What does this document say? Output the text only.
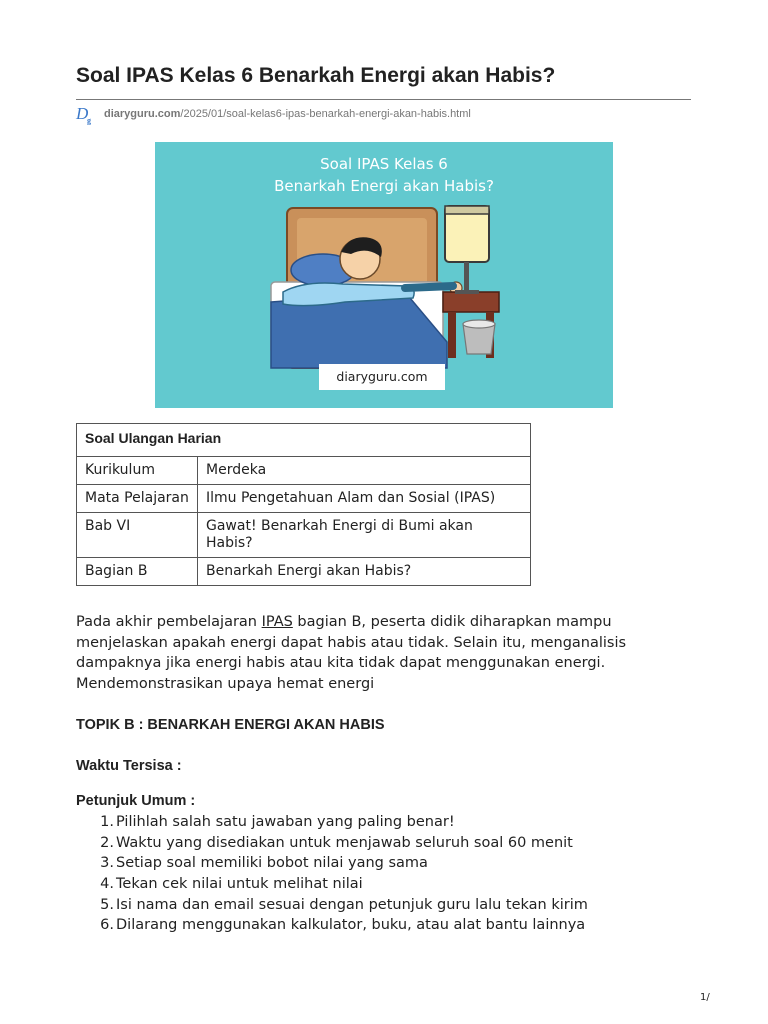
Soal IPAS Kelas 6 Benarkah Energi akan Habis?
D
g
diaryguru.com /2025/01/soal-kelas6-ipas-benarkah-energi-akan-habis.html
Soal IPAS Kelas 6
Benarkah Energi akan Habis?
diaryguru.com
Soal Ulangan Harian	
Kurikulum	Merdeka
Mata Pelajaran	Ilmu Pengetahuan Alam dan Sosial (IPAS)
Bab VI	Gawat! Benarkah Energi di Bumi akan Habis?
Bagian B	Benarkah Energi akan Habis?

Pada akhir pembelajaran IPAS bagian B, peserta didik diharapkan mampu menjelaskan apakah energi dapat habis atau tidak. Selain itu, menganalisis dampaknya jika energi habis atau kita tidak dapat menggunakan energi. Mendemonstrasikan upaya hemat energi

TOPIK B : BENARKAH ENERGI AKAN HABIS
Waktu Tersisa :
Petunjuk Umum :
1. Pilihlah salah satu jawaban yang paling benar!
2. Waktu yang disediakan untuk menjawab seluruh soal 60 menit
3. Setiap soal memiliki bobot nilai yang sama
4. Tekan cek nilai untuk melihat nilai
5. Isi nama dan email sesuai dengan petunjuk guru lalu tekan kirim
6. Dilarang menggunakan kalkulator, buku, atau alat bantu lainnya
1/
